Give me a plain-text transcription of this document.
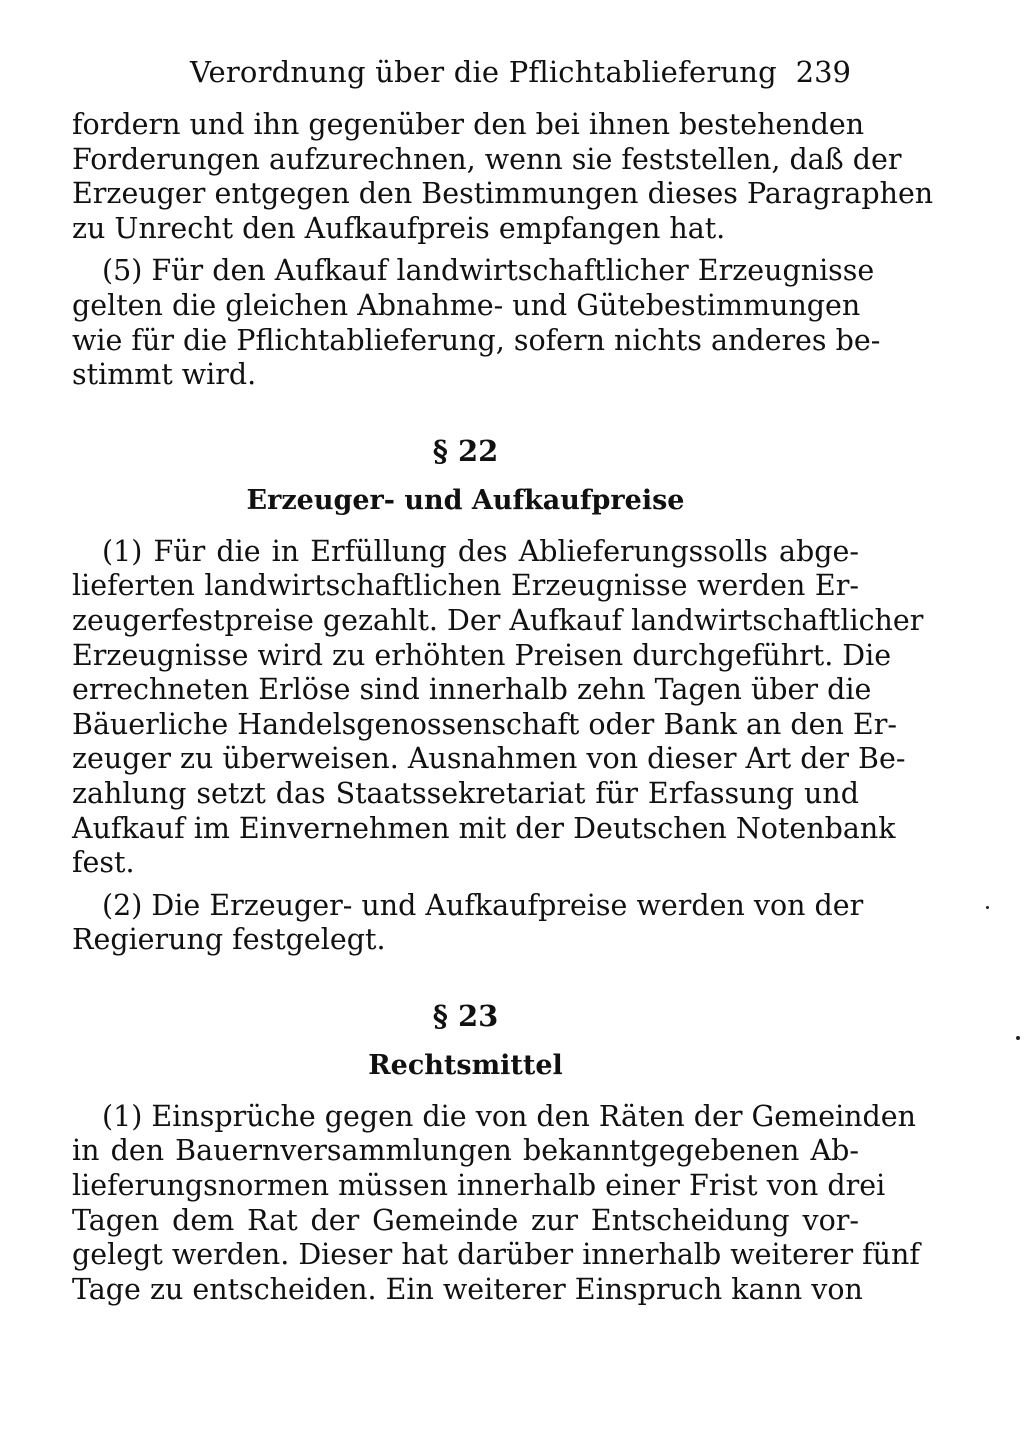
Verordnung über die Pflichtablieferung 239

fordern und ihn gegenüber den bei ihnen bestehenden
Forderungen aufzurechnen, wenn sie feststellen, daß der
Erzeuger entgegen den Bestimmungen dieses Paragraphen
zu Unrecht den Aufkaufpreis empfangen hat.

(5) Für den Aufkauf landwirtschaftlicher Erzeugnisse
gelten die gleichen Abnahme- und Gütebestimmungen
wie für die Pflichtablieferung, sofern nichts anderes be-
stimmt wird.

§ 22
Erzeuger- und Aufkaufpreise

(1) Für die in Erfüllung des Ablieferungssolls abge-
lieferten landwirtschaftlichen Erzeugnisse werden Er-
zeugerfestpreise gezahlt. Der Aufkauf landwirtschaftlicher
Erzeugnisse wird zu erhöhten Preisen durchgeführt. Die
errechneten Erlöse sind innerhalb zehn Tagen über die
Bäuerliche Handelsgenossenschaft oder Bank an den Er-
zeuger zu überweisen. Ausnahmen von dieser Art der Be-
zahlung setzt das Staatssekretariat für Erfassung und
Aufkauf im Einvernehmen mit der Deutschen Notenbank
fest.

(2) Die Erzeuger- und Aufkaufpreise werden von der
Regierung festgelegt.

§ 23
Rechtsmittel

(1) Einsprüche gegen die von den Räten der Gemeinden
in den Bauernversammlungen bekanntgegebenen Ab-
lieferungsnormen müssen innerhalb einer Frist von drei
Tagen dem Rat der Gemeinde zur Entscheidung vor-
gelegt werden. Dieser hat darüber innerhalb weiterer fünf
Tage zu entscheiden. Ein weiterer Einspruch kann von
